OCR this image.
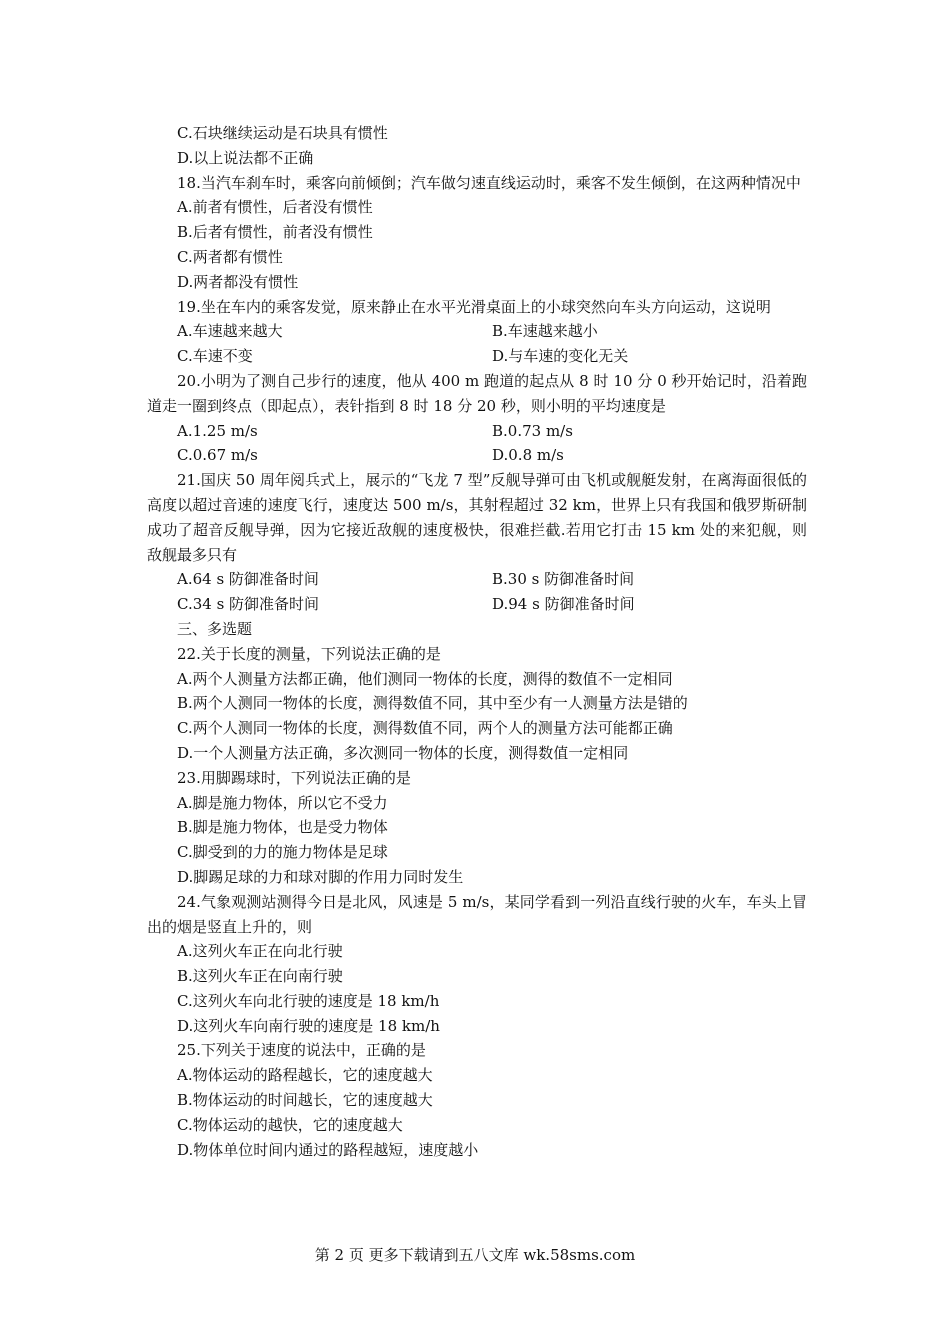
C.石块继续运动是石块具有惯性
D.以上说法都不正确
18.当汽车刹车时，乘客向前倾倒；汽车做匀速直线运动时，乘客不发生倾倒，在这两种情况中
A.前者有惯性，后者没有惯性
B.后者有惯性，前者没有惯性
C.两者都有惯性
D.两者都没有惯性
19.坐在车内的乘客发觉，原来静止在水平光滑桌面上的小球突然向车头方向运动，这说明
A.车速越来越大	B.车速越来越小
C.车速不变	D.与车速的变化无关
20.小明为了测自己步行的速度，他从 400 m 跑道的起点从 8 时 10 分 0 秒开始记时，沿着跑道走一圈到终点（即起点），表针指到 8 时 18 分 20 秒，则小明的平均速度是
A.1.25 m/s	B.0.73 m/s
C.0.67 m/s	D.0.8 m/s
21.国庆 50 周年阅兵式上，展示的“飞龙 7 型”反舰导弹可由飞机或舰艇发射，在离海面很低的高度以超过音速的速度飞行，速度达 500 m/s，其射程超过 32 km，世界上只有我国和俄罗斯研制成功了超音反舰导弹，因为它接近敌舰的速度极快，很难拦截.若用它打击 15 km 处的来犯舰，则敌舰最多只有
A.64 s 防御准备时间	B.30 s 防御准备时间
C.34 s 防御准备时间	D.94 s 防御准备时间
三、多选题
22.关于长度的测量，下列说法正确的是
A.两个人测量方法都正确，他们测同一物体的长度，测得的数值不一定相同
B.两个人测同一物体的长度，测得数值不同，其中至少有一人测量方法是错的
C.两个人测同一物体的长度，测得数值不同，两个人的测量方法可能都正确
D.一个人测量方法正确，多次测同一物体的长度，测得数值一定相同
23.用脚踢球时，下列说法正确的是
A.脚是施力物体，所以它不受力
B.脚是施力物体，也是受力物体
C.脚受到的力的施力物体是足球
D.脚踢足球的力和球对脚的作用力同时发生
24.气象观测站测得今日是北风，风速是 5 m/s，某同学看到一列沿直线行驶的火车，车头上冒出的烟是竖直上升的，则
A.这列火车正在向北行驶
B.这列火车正在向南行驶
C.这列火车向北行驶的速度是 18 km/h
D.这列火车向南行驶的速度是 18 km/h
25.下列关于速度的说法中，正确的是
A.物体运动的路程越长，它的速度越大
B.物体运动的时间越长，它的速度越大
C.物体运动的越快，它的速度越大
D.物体单位时间内通过的路程越短，速度越小
第 2 页 更多下载请到五八文库 wk.58sms.com
